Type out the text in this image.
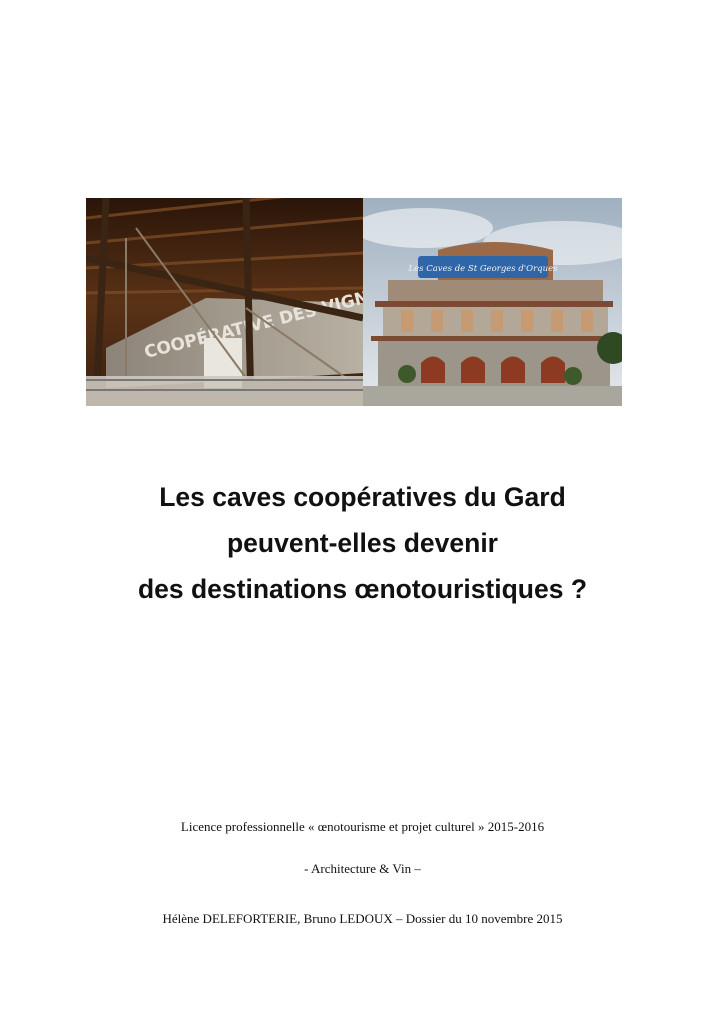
Les Caves de St Georges d'Orques
Les caves coopératives du Gard
peuvent-elles devenir
des destinations œnotouristiques ?
Licence professionnelle « œnotourisme et projet culturel » 2015-2016
- Architecture & Vin –
Hélène DELEFORTERIE, Bruno LEDOUX – Dossier du 10 novembre 2015
